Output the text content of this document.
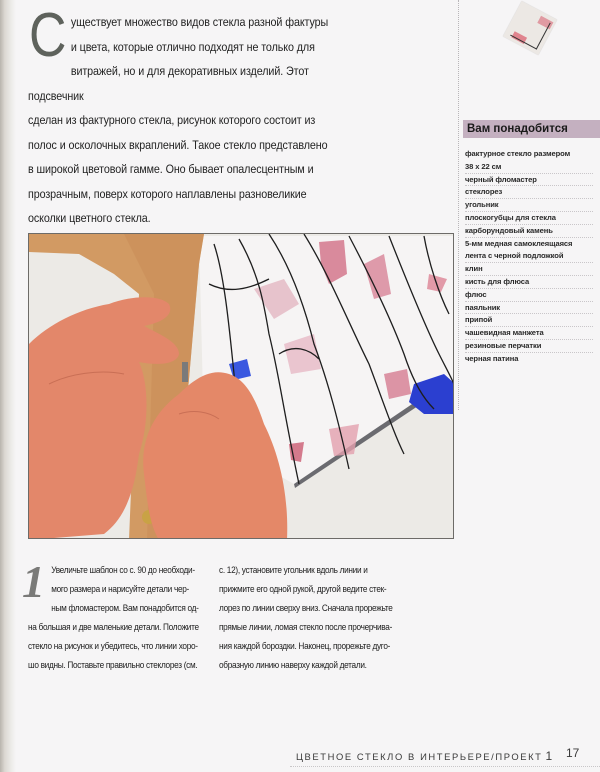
С уществует множество видов стекла разной фактуры
и цвета, которые отлично подходят не только для
витражей, но и для декоративных изделий. Этот подсвечник
сделан из фактурного стекла, рисунок которого состоит из
полос и осколочных вкраплений. Такое стекло представлено
в широкой цветовой гамме. Оно бывает опалесцентным и
прозрачным, поверх которого наплавлены разновеликие
осколки цветного стекла.
Вам понадобится
фактурное стекло размером
38 x 22 см
черный фломастер
стеклорез
угольник
плоскогубцы для стекла
карборундовый камень
5-мм медная самоклеящаяся
лента с черной подложкой
клин
кисть для флюса
флюс
паяльник
припой
чашевидная манжета
резиновые перчатки
черная патина
1 Увеличьте шаблон со с. 90 до необходи-
мого размера и нарисуйте детали чер-
ным фломастером. Вам понадобится од-
на большая и две маленькие детали. Положите
стекло на рисунок и убедитесь, что линии хоро-
шо видны. Поставьте правильно стеклорез (см.
с. 12), установите угольник вдоль линии и
прижмите его одной рукой, другой ведите стек-
лорез по линии сверху вниз. Сначала прорежьте
прямые линии, ломая стекло после прочерчива-
ния каждой бороздки. Наконец, прорежьте дуго-
образную линию наверху каждой детали.
ЦВЕТНОЕ СТЕКЛО В ИНТЕРЬЕРЕ/ПРОЕКТ 1 17
